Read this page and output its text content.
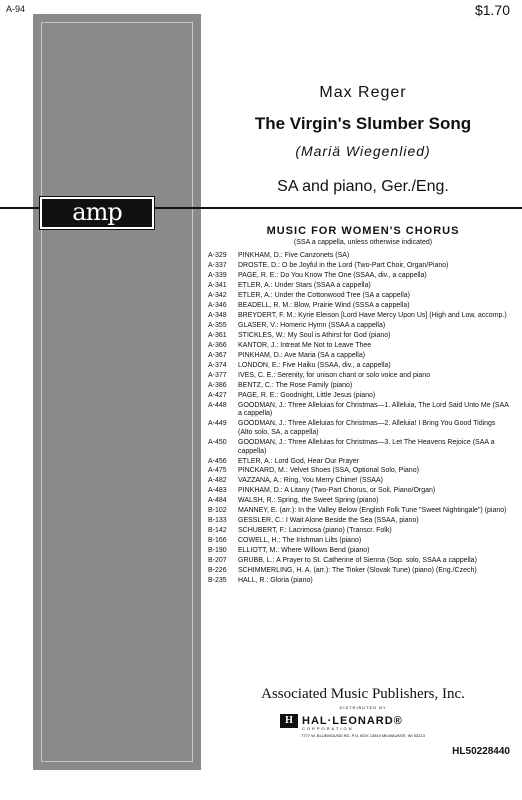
A-94	$1.70
amp
Max Reger
The Virgin's Slumber Song
(Mariä Wiegenlied)
SA and piano, Ger./Eng.
MUSIC FOR WOMEN'S CHORUS
(SSA a cappella, unless otherwise indicated)
A-329	PINKHAM, D.: Five Canzonets (SA)
A-337	DROSTE, D.: O be Joyful in the Lord (Two-Part Choir, Organ/Piano)
A-339	PAGE, R. E.: Do You Know The One (SSAA, div., a cappella)
A-341	ETLER, A.: Under Stars (SSAA a cappella)
A-342	ETLER, A.: Under the Cottonwood Tree (SA a cappella)
A-346	BEADELL, R. M.: Blow, Prairie Wind (SSSA a cappella)
A-348	BREYDERT, F. M.: Kyrie Eleison [Lord Have Mercy Upon Us] (High and Low, accomp.)
A-355	GLASER, V.: Homeric Hymn (SSAA a cappella)
A-361	STICKLES, W.: My Soul is Athirst for God (piano)
A-366	KANTOR, J.: Intreat Me Not to Leave Thee
A-367	PINKHAM, D.: Ave Maria (SA a cappella)
A-374	LONDON, E.: Five Haiku (SSAA, div., a cappella)
A-377	IVES, C. E.: Serenity, for unison chant or solo voice and piano
A-386	BENTZ, C.: The Rose Family (piano)
A-427	PAGE, R. E.: Goodnight, Little Jesus (piano)
A-448	GOODMAN, J.: Three Alleluias for Christmas—1. Alleluia, The Lord Said Unto Me (SAA a cappella)
A-449	GOODMAN, J.: Three Alleluias for Christmas—2. Alleluia! I Bring You Good Tidings (Alto solo, SA, a cappella)
A-450	GOODMAN, J.: Three Alleluias for Christmas—3. Let The Heavens Rejoice (SAA a cappella)
A-456	ETLER, A.: Lord God, Hear Our Prayer
A-475	PINCKARD, M.: Velvet Shoes (SSA, Optional Solo, Piano)
A-482	VAZZANA, A.: Ring, You Merry Chime! (SSAA)
A-483	PINKHAM, D.: A Litany (Two-Part Chorus, or Soli, Piano/Organ)
A-484	WALSH, R.: Spring, the Sweet Spring (piano)
B-102	MANNEY, E. (arr.): In the Valley Below (English Folk Tune "Sweet Nightingale") (piano)
B-133	GESSLER, C.: I Wait Alone Beside the Sea (SSAA, piano)
B-142	SCHUBERT, F.: Lacrimosa (piano) (Transcr. Folk)
B-166	COWELL, H.: The Irishman Lilts (piano)
B-190	ELLIOTT, M.: Where Willows Bend (piano)
B-207	GRUBB, L.: A Prayer to St. Catherine of Sienna (Sop. solo, SSAA a cappella)
B-226	SCHIMMERLING, H. A. (arr.): The Tinker (Slovak Tune) (piano) (Eng./Czech)
B-235	HALL, R.: Gloria (piano)
Associated Music Publishers, Inc.
DISTRIBUTED BY
H HAL·LEONARD®
CORPORATION
7777 W. BLUEMOUND RD. P.O. BOX 13819 MILWAUKEE, WI 53213
HL50228440
